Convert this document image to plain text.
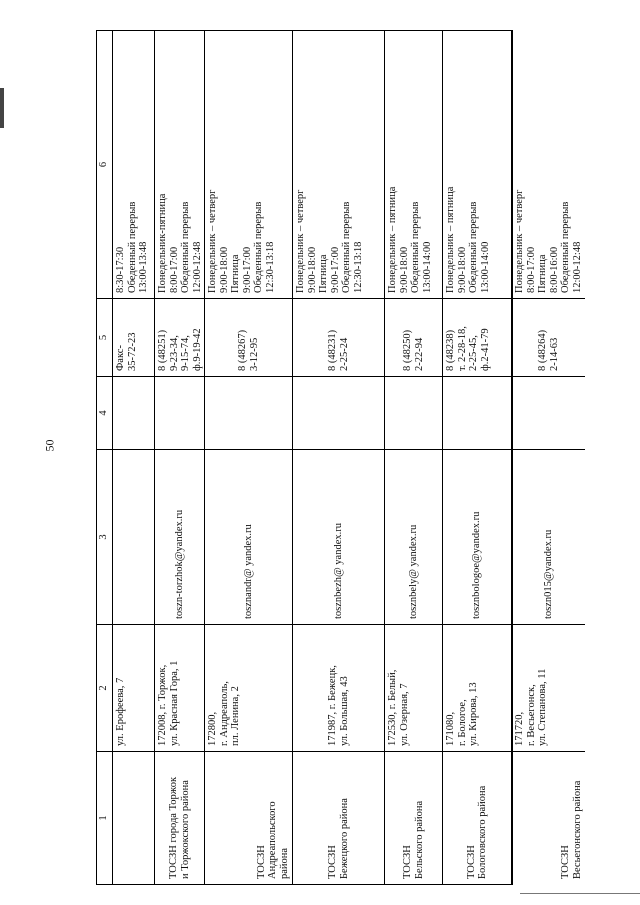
50
1
2
3
4
5
6
ул. Ерофеева, 7
Факс-
35-72-23
8:30-17:30
Обеденный перерыв
13:00-13:48
ТОСЗН города Торжок
и Торжокского района
172008, г. Торжок,
ул. Красная Гора, 1
toszn-torzhok@yandex.ru
8 (48251)
9-23-34,
9-15-74,
ф.9-19-42
Понедельник-пятница
8:00-17:00
Обеденный перерыв
12:00-12:48
ТОСЗН
Андреапольского
района
172800,
г. Андреаполь,
пл. Ленина, 2
tosznandr@ yandex.ru
8 (48267)
3-12-95
Понедельник – четверг
9:00-18:00
Пятница
9:00-17:00
Обеденный перерыв
12:30-13:18
ТОСЗН
Бежецкого района
171987, г. Бежецк,
ул. Большая, 43
tosznbezh@ yandex.ru
8 (48231)
2-25-24
Понедельник – четверг
9:00-18:00
Пятница
9:00-17:00
Обеденный перерыв
12:30-13:18
ТОСЗН
Бельского района
172530, г. Белый,
ул. Озерная, 7
tosznbely@ yandex.ru
8 (48250)
2-22-94
Понедельник – пятница
9:00-18:00
Обеденный перерыв
13:00-14:00
ТОСЗН
Бологовского района
171080,
г. Бологое,
ул. Кирова, 13
tosznbologoe@yandex.ru
8 (48238)
т. 2-28-18,
2-25-45,
ф.2-41-79
Понедельник – пятница
9:00-18:00
Обеденный перерыв
13:00-14:00
ТОСЗН
Весьегонского района
171720,
г. Весьегонск,
ул. Степанова, 11
toszn015@yandex.ru
8 (48264)
2-14-63
Понедельник – четверг
8:00-17:00
Пятница
8:00-16:00
Обеденный перерыв
12:00-12:48
